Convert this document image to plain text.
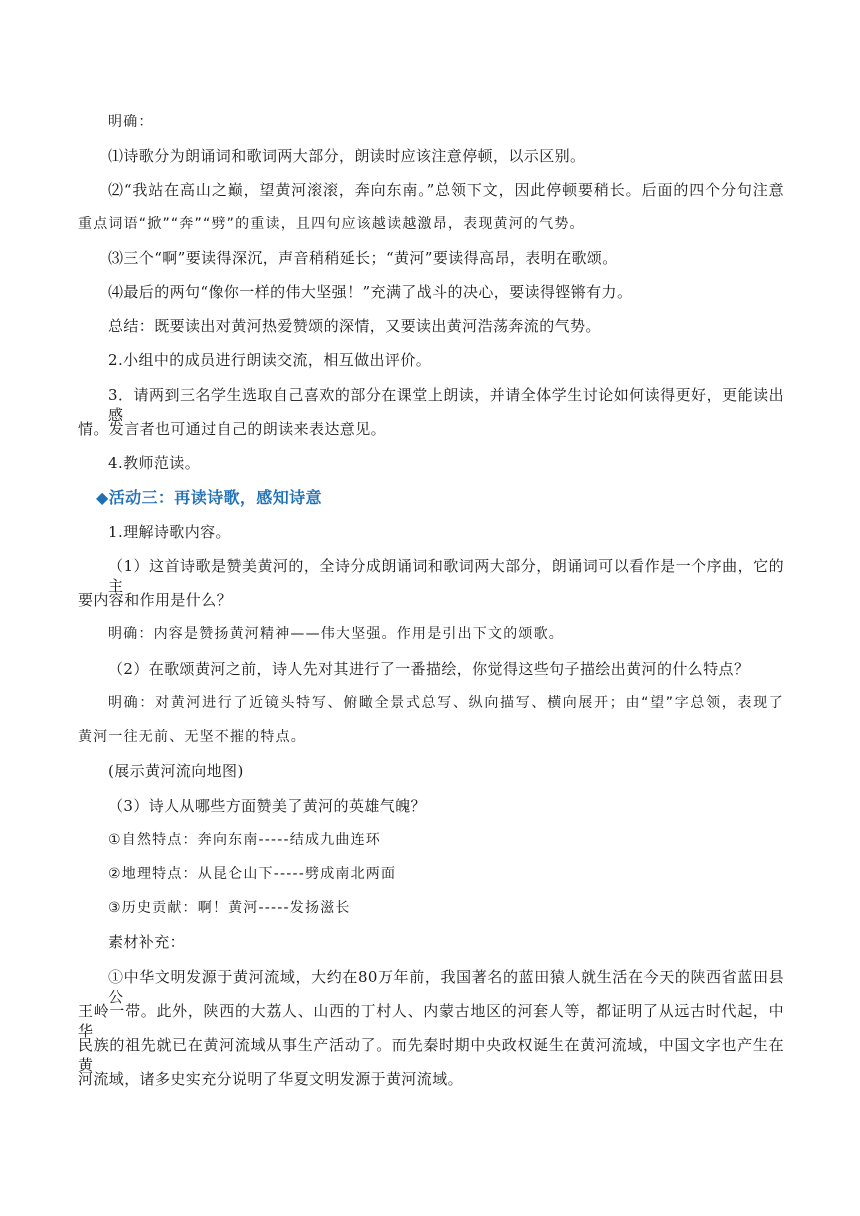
明确：
⑴诗歌分为朗诵词和歌词两大部分，朗读时应该注意停顿，以示区别。
⑵“我站在高山之巅，望黄河滚滚，奔向东南。”总领下文，因此停顿要稍长。后面的四个分句注意
重点词语“掀”“奔”“劈”的重读，且四句应该越读越激昂，表现黄河的气势。
⑶三个“啊”要读得深沉，声音稍稍延长；“黄河”要读得高昂，表明在歌颂。
⑷最后的两句“像你一样的伟大坚强！”充满了战斗的决心，要读得铿锵有力。
总结：既要读出对黄河热爱赞颂的深情，又要读出黄河浩荡奔流的气势。
2.小组中的成员进行朗读交流，相互做出评价。
3．请两到三名学生选取自己喜欢的部分在课堂上朗读，并请全体学生讨论如何读得更好，更能读出感
情。发言者也可通过自己的朗读来表达意见。
4.教师范读。
◆活动三：再读诗歌，感知诗意
1.理解诗歌内容。
（1）这首诗歌是赞美黄河的，全诗分成朗诵词和歌词两大部分，朗诵词可以看作是一个序曲，它的主
要内容和作用是什么？
明确：内容是赞扬黄河精神——伟大坚强。作用是引出下文的颂歌。
（2）在歌颂黄河之前，诗人先对其进行了一番描绘，你觉得这些句子描绘出黄河的什么特点？
明确：对黄河进行了近镜头特写、俯瞰全景式总写、纵向描写、横向展开；由“望”字总领，表现了
黄河一往无前、无坚不摧的特点。
(展示黄河流向地图)
（3）诗人从哪些方面赞美了黄河的英雄气魄？
①自然特点：奔向东南-----结成九曲连环
②地理特点：从昆仑山下-----劈成南北两面
③历史贡献：啊！黄河-----发扬滋长
素材补充：
①中华文明发源于黄河流域，大约在80万年前，我国著名的蓝田猿人就生活在今天的陕西省蓝田县公
王岭一带。此外，陕西的大荔人、山西的丁村人、内蒙古地区的河套人等，都证明了从远古时代起，中华
民族的祖先就已在黄河流域从事生产活动了。而先秦时期中央政权诞生在黄河流域，中国文字也产生在黄
河流域，诸多史实充分说明了华夏文明发源于黄河流域。
